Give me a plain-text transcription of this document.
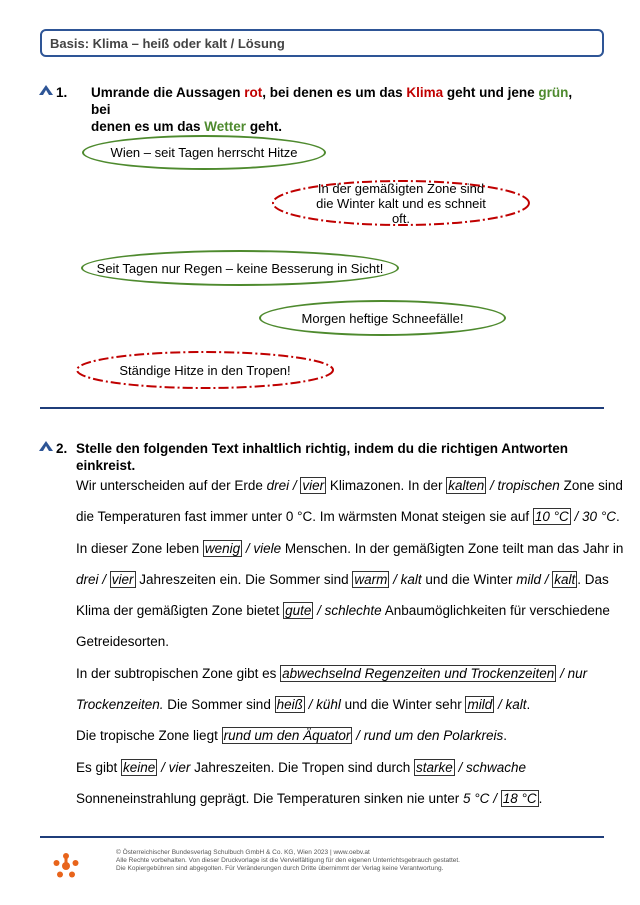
Basis: Klima – heiß oder kalt / Lösung
1. Umrande die Aussagen rot, bei denen es um das Klima geht und jene grün, bei
denen es um das Wetter geht.
Wien – seit Tagen herrscht Hitze
In der gemäßigten Zone sind die Winter kalt und es schneit oft.
Seit Tagen nur Regen – keine Besserung in Sicht!
Morgen heftige Schneefälle!
Ständige Hitze in den Tropen!
2. Stelle den folgenden Text inhaltlich richtig, indem du die richtigen Antworten
einkreist.
Wir unterscheiden auf der Erde drei / vier Klimazonen. In der kalten / tropischen Zone sind
die Temperaturen fast immer unter 0 °C. Im wärmsten Monat steigen sie auf 10 °C / 30 °C.
In dieser Zone leben wenig / viele Menschen. In der gemäßigten Zone teilt man das Jahr in
drei / vier Jahreszeiten ein. Die Sommer sind warm / kalt und die Winter mild / kalt . Das
Klima der gemäßigten Zone bietet gute / schlechte Anbaumöglichkeiten für verschiedene
Getreidesorten.
In der subtropischen Zone gibt es abwechselnd Regenzeiten und Trockenzeiten / nur
Trockenzeiten. Die Sommer sind heiß / kühl und die Winter sehr mild / kalt.
Die tropische Zone liegt rund um den Äquator / rund um den Polarkreis.
Es gibt keine / vier Jahreszeiten. Die Tropen sind durch starke / schwache
Sonneneinstrahlung geprägt. Die Temperaturen sinken nie unter 5 °C / 18 °C .
© Österreichischer Bundesverlag Schulbuch GmbH & Co. KG, Wien 2023 | www.oebv.at
Alle Rechte vorbehalten. Von dieser Druckvorlage ist die Vervielfältigung für den eigenen Unterrichtsgebrauch gestattet.
Die Kopiergebühren sind abgegolten. Für Veränderungen durch Dritte übernimmt der Verlag keine Verantwortung.
